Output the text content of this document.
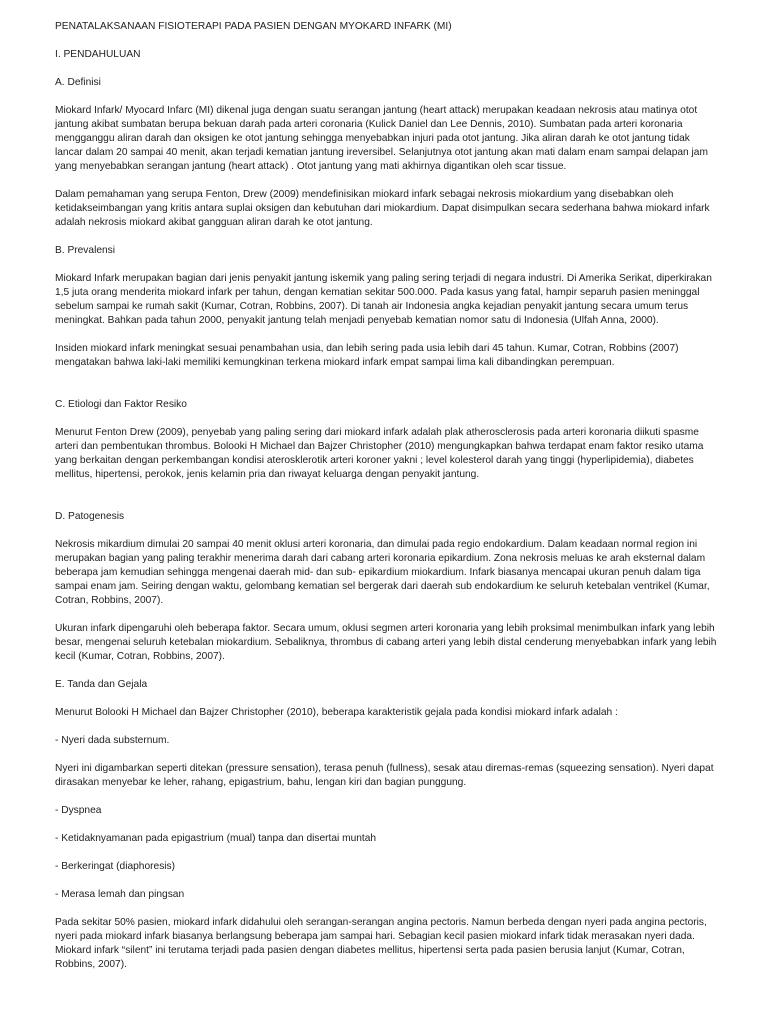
PENATALAKSANAAN FISIOTERAPI PADA PASIEN DENGAN MYOKARD INFARK (MI)

I. PENDAHULUAN

A. Definisi

Miokard Infark/ Myocard Infarc (MI) dikenal juga dengan suatu serangan jantung (heart attack) merupakan keadaan nekrosis atau matinya otot jantung akibat sumbatan berupa bekuan darah pada arteri coronaria (Kulick Daniel dan Lee Dennis, 2010). Sumbatan pada arteri koronaria mengganggu aliran darah dan oksigen ke otot jantung sehingga menyebabkan injuri pada otot jantung. Jika aliran darah ke otot jantung tidak lancar dalam 20 sampai 40 menit, akan terjadi kematian jantung ireversibel. Selanjutnya otot jantung akan mati dalam enam sampai delapan jam yang menyebabkan serangan jantung (heart attack) . Otot jantung yang mati akhirnya digantikan oleh scar tissue.

Dalam pemahaman yang serupa Fenton, Drew (2009) mendefinisikan miokard infark sebagai nekrosis miokardium yang disebabkan oleh ketidakseimbangan yang kritis antara suplai oksigen dan kebutuhan dari miokardium. Dapat disimpulkan secara sederhana bahwa miokard infark adalah nekrosis miokard akibat gangguan aliran darah ke otot jantung.

B. Prevalensi

Miokard Infark merupakan bagian dari jenis penyakit jantung iskemik yang paling sering terjadi di negara industri. Di Amerika Serikat, diperkirakan 1,5 juta orang menderita miokard infark per tahun, dengan kematian sekitar 500.000. Pada kasus yang fatal, hampir separuh pasien meninggal sebelum sampai ke rumah sakit (Kumar, Cotran, Robbins, 2007). Di tanah air Indonesia angka kejadian penyakit jantung secara umum terus meningkat. Bahkan pada tahun 2000, penyakit jantung telah menjadi penyebab kematian nomor satu di Indonesia (Ulfah Anna, 2000).

Insiden miokard infark meningkat sesuai penambahan usia, dan lebih sering pada usia lebih dari 45 tahun. Kumar, Cotran, Robbins (2007) mengatakan bahwa laki-laki memiliki kemungkinan terkena miokard infark empat sampai lima kali dibandingkan perempuan.

C. Etiologi dan Faktor Resiko

Menurut Fenton Drew (2009), penyebab yang paling sering dari miokard infark adalah plak atherosclerosis pada arteri koronaria diikuti spasme arteri dan pembentukan thrombus. Bolooki H Michael dan Bajzer Christopher (2010) mengungkapkan bahwa terdapat enam faktor resiko utama yang berkaitan dengan perkembangan kondisi aterosklerotik arteri koroner yakni ; level kolesterol darah yang tinggi (hyperlipidemia), diabetes mellitus, hipertensi, perokok, jenis kelamin pria dan riwayat keluarga dengan penyakit jantung.

D. Patogenesis

Nekrosis mikardium dimulai 20 sampai 40 menit oklusi arteri koronaria, dan dimulai pada regio endokardium. Dalam keadaan normal region ini merupakan bagian yang paling terakhir menerima darah dari cabang arteri koronaria epikardium. Zona nekrosis meluas ke arah eksternal dalam beberapa jam kemudian sehingga mengenai daerah mid- dan sub- epikardium miokardium. Infark biasanya mencapai ukuran penuh dalam tiga sampai enam jam. Seiring dengan waktu, gelombang kematian sel bergerak dari daerah sub endokardium ke seluruh ketebalan ventrikel (Kumar, Cotran, Robbins, 2007).

Ukuran infark dipengaruhi oleh beberapa faktor. Secara umum, oklusi segmen arteri koronaria yang lebih proksimal menimbulkan infark yang lebih besar, mengenai seluruh ketebalan miokardium. Sebaliknya, thrombus di cabang arteri yang lebih distal cenderung menyebabkan infark yang lebih kecil (Kumar, Cotran, Robbins, 2007).

E. Tanda dan Gejala

Menurut Bolooki H Michael dan Bajzer Christopher (2010), beberapa karakteristik gejala pada kondisi miokard infark adalah :

- Nyeri dada substernum.

Nyeri ini digambarkan seperti ditekan (pressure sensation), terasa penuh (fullness), sesak atau diremas-remas (squeezing sensation). Nyeri dapat dirasakan menyebar ke leher, rahang, epigastrium, bahu, lengan kiri dan bagian punggung.

- Dyspnea

- Ketidaknyamanan pada epigastrium (mual) tanpa dan disertai muntah

- Berkeringat (diaphoresis)

- Merasa lemah dan pingsan

Pada sekitar 50% pasien, miokard infark didahului oleh serangan-serangan angina pectoris. Namun berbeda dengan nyeri pada angina pectoris, nyeri pada miokard infark biasanya berlangsung beberapa jam sampai hari. Sebagian kecil pasien miokard infark tidak merasakan nyeri dada. Miokard infark “silent” ini terutama terjadi pada pasien dengan diabetes mellitus, hipertensi serta pada pasien berusia lanjut (Kumar, Cotran, Robbins, 2007).
